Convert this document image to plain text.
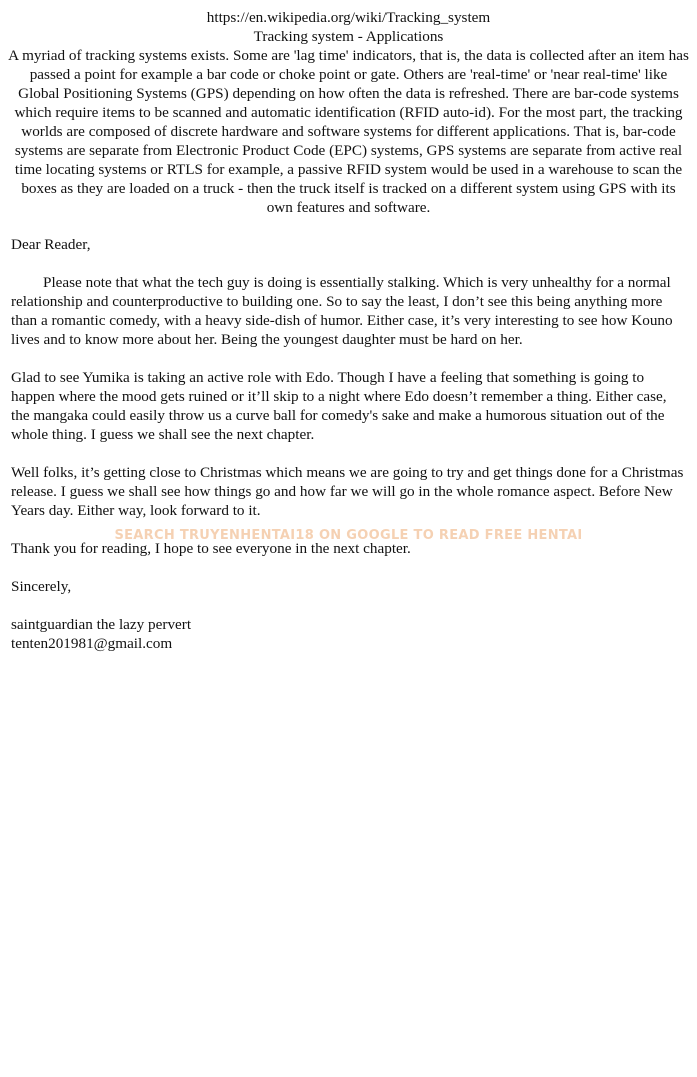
https://en.wikipedia.org/wiki/Tracking_system
Tracking system - Applications
A myriad of tracking systems exists. Some are 'lag time' indicators, that is, the data is collected after an item has passed a point for example a bar code or choke point or gate. Others are 'real-time' or 'near real-time' like Global Positioning Systems (GPS) depending on how often the data is refreshed. There are bar-code systems which require items to be scanned and automatic identification (RFID auto-id). For the most part, the tracking worlds are composed of discrete hardware and software systems for different applications. That is, bar-code systems are separate from Electronic Product Code (EPC) systems, GPS systems are separate from active real time locating systems or RTLS for example, a passive RFID system would be used in a warehouse to scan the boxes as they are loaded on a truck - then the truck itself is tracked on a different system using GPS with its own features and software.

Dear Reader,

Please note that what the tech guy is doing is essentially stalking. Which is very unhealthy for a normal relationship and counterproductive to building one. So to say the least, I don’t see this being anything more than a romantic comedy, with a heavy side-dish of humor. Either case, it’s very interesting to see how Kouno lives and to know more about her. Being the youngest daughter must be hard on her.

Glad to see Yumika is taking an active role with Edo. Though I have a feeling that something is going to happen where the mood gets ruined or it’ll skip to a night where Edo doesn’t remember a thing. Either case, the mangaka could easily throw us a curve ball for comedy's sake and make a humorous situation out of the whole thing. I guess we shall see the next chapter.

Well folks, it’s getting close to Christmas which means we are going to try and get things done for a Christmas release. I guess we shall see how things go and how far we will go in the whole romance aspect. Before New Years day. Either way, look forward to it.

Thank you for reading, I hope to see everyone in the next chapter.

Sincerely,

saintguardian the lazy pervert
tenten201981@gmail.com

SEARCH TRUYENHENTAI18 ON GOOGLE TO READ FREE HENTAI
